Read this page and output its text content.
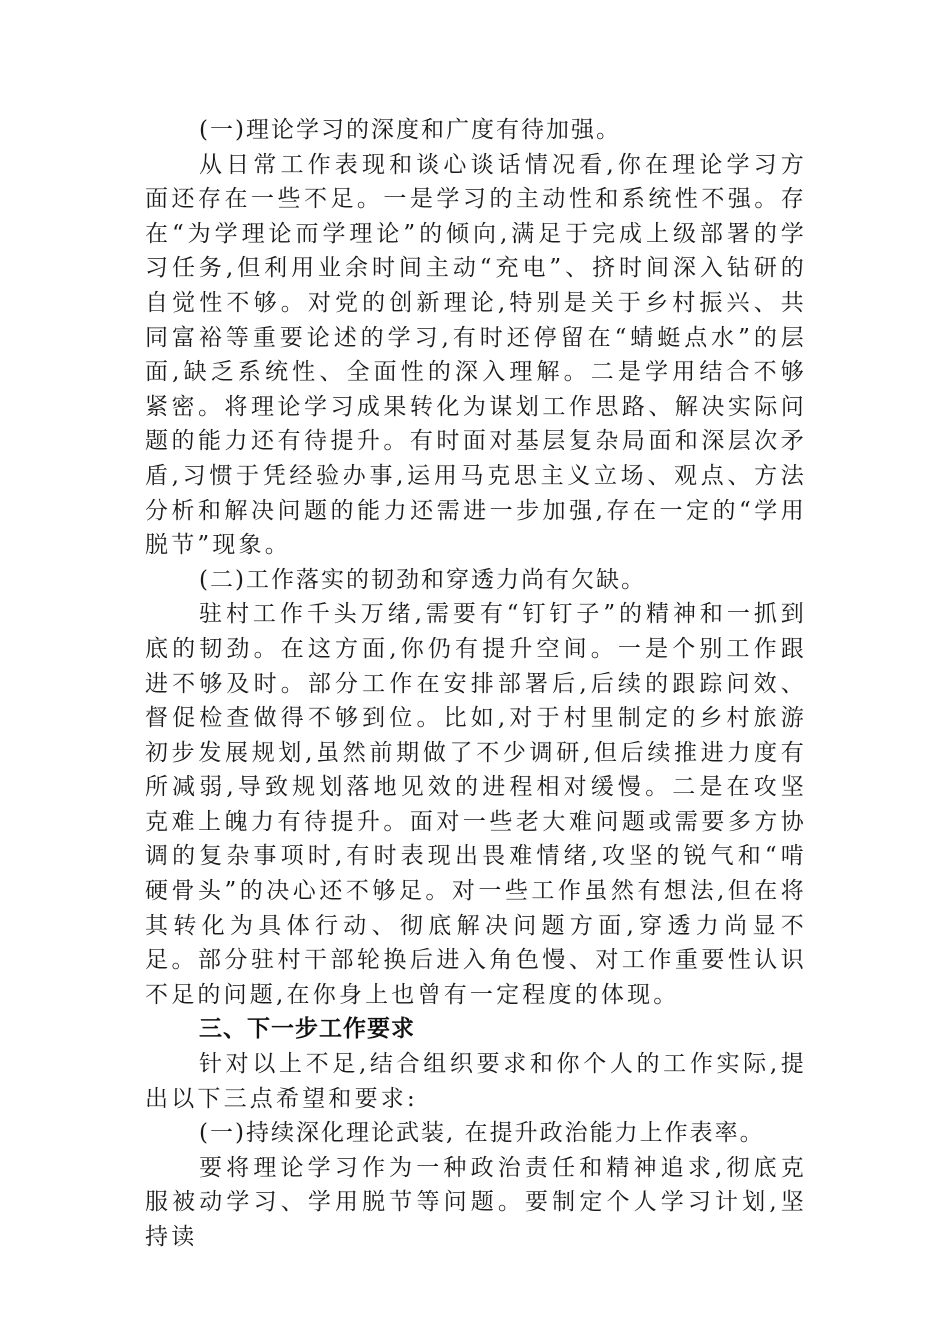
(一)理论学习的深度和广度有待加强。

从日常工作表现和谈心谈话情况看,你在理论学习方面还存在一些不足。一是学习的主动性和系统性不强。存在“为学理论而学理论”的倾向,满足于完成上级部署的学习任务,但利用业余时间主动“充电”、挤时间深入钻研的自觉性不够。对党的创新理论,特别是关于乡村振兴、共同富裕等重要论述的学习,有时还停留在“蜻蜓点水”的层面,缺乏系统性、全面性的深入理解。二是学用结合不够紧密。将理论学习成果转化为谋划工作思路、解决实际问题的能力还有待提升。有时面对基层复杂局面和深层次矛盾,习惯于凭经验办事,运用马克思主义立场、观点、方法分析和解决问题的能力还需进一步加强,存在一定的“学用脱节”现象。

(二)工作落实的韧劲和穿透力尚有欠缺。

驻村工作千头万绪,需要有“钉钉子”的精神和一抓到底的韧劲。在这方面,你仍有提升空间。一是个别工作跟进不够及时。部分工作在安排部署后,后续的跟踪问效、督促检查做得不够到位。比如,对于村里制定的乡村旅游初步发展规划,虽然前期做了不少调研,但后续推进力度有所减弱,导致规划落地见效的进程相对缓慢。二是在攻坚克难上魄力有待提升。面对一些老大难问题或需要多方协调的复杂事项时,有时表现出畏难情绪,攻坚的锐气和“啃硬骨头”的决心还不够足。对一些工作虽然有想法,但在将其转化为具体行动、彻底解决问题方面,穿透力尚显不足。部分驻村干部轮换后进入角色慢、对工作重要性认识不足的问题,在你身上也曾有一定程度的体现。

三、下一步工作要求

针对以上不足,结合组织要求和你个人的工作实际,提出以下三点希望和要求:

(一)持续深化理论武装, 在提升政治能力上作表率。

要将理论学习作为一种政治责任和精神追求,彻底克服被动学习、学用脱节等问题。要制定个人学习计划,坚持读
